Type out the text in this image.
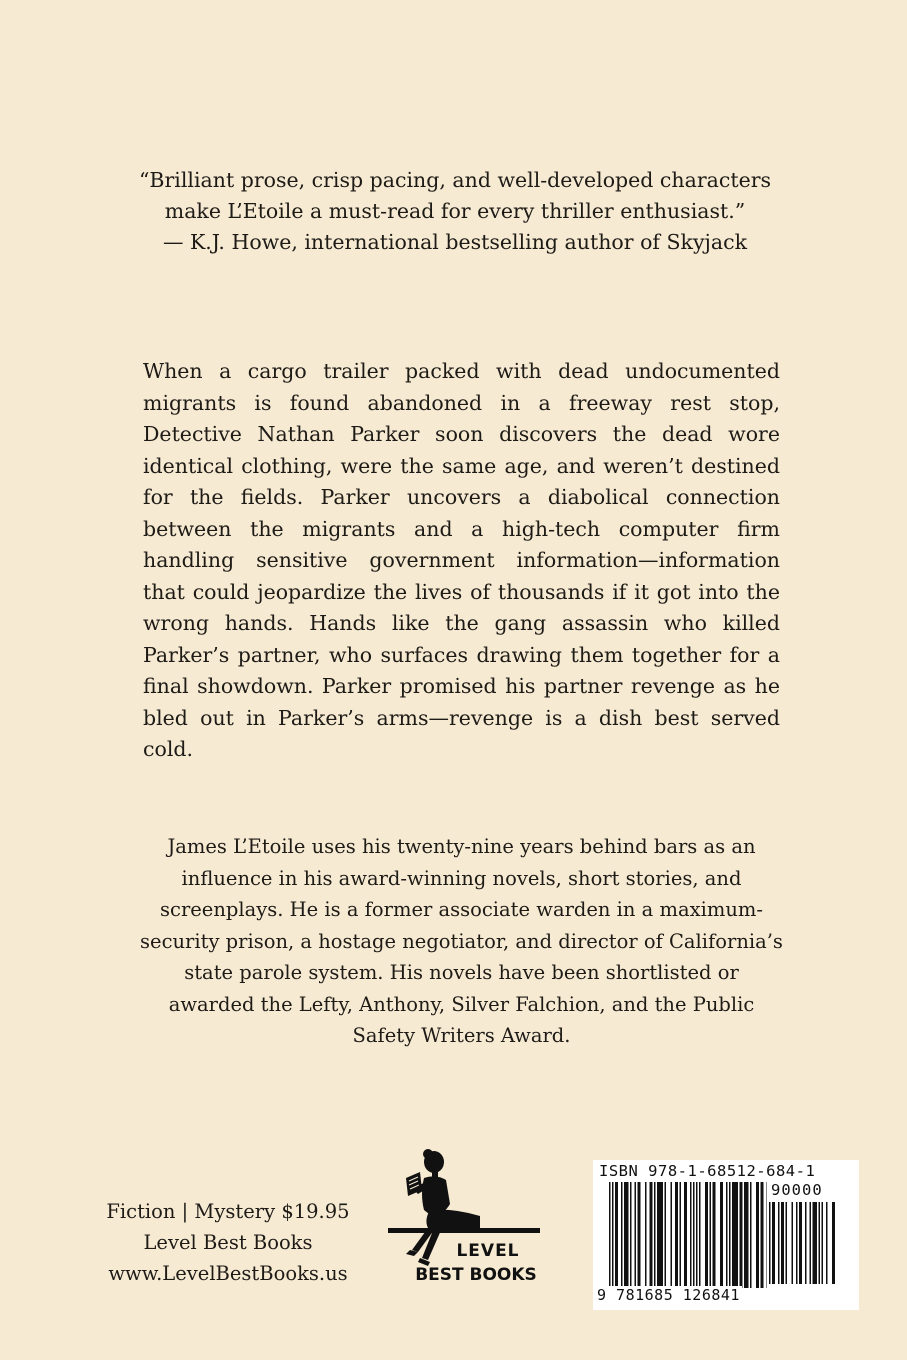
“Brilliant prose, crisp pacing, and well-developed characters

make L’Etoile a must-read for every thriller enthusiast.”

— K.J. Howe, international bestselling author of Skyjack

When a cargo trailer packed with dead undocumented migrants is found abandoned in a freeway rest stop, Detective Nathan Parker soon discovers the dead wore identical clothing, were the same age, and weren’t destined for the fields. Parker uncovers a diabolical connection between the migrants and a high-tech computer firm handling sensitive government information—information that could jeopardize the lives of thousands if it got into the wrong hands. Hands like the gang assassin who killed Parker’s partner, who surfaces drawing them together for a final showdown. Parker promised his partner revenge as he bled out in Parker’s arms—revenge is a dish best served cold.

James L’Etoile uses his twenty-nine years behind bars as an influence in his award-winning novels, short stories, and screenplays. He is a former associate warden in a maximum-security prison, a hostage negotiator, and director of California’s state parole system. His novels have been shortlisted or awarded the Lefty, Anthony, Silver Falchion, and the Public Safety Writers Award.

Fiction | Mystery $19.95
Level Best Books
www.LevelBestBooks.us
LEVEL
BEST BOOKS
ISBN 978-1-68512-684-1
90000
9 781685 126841
